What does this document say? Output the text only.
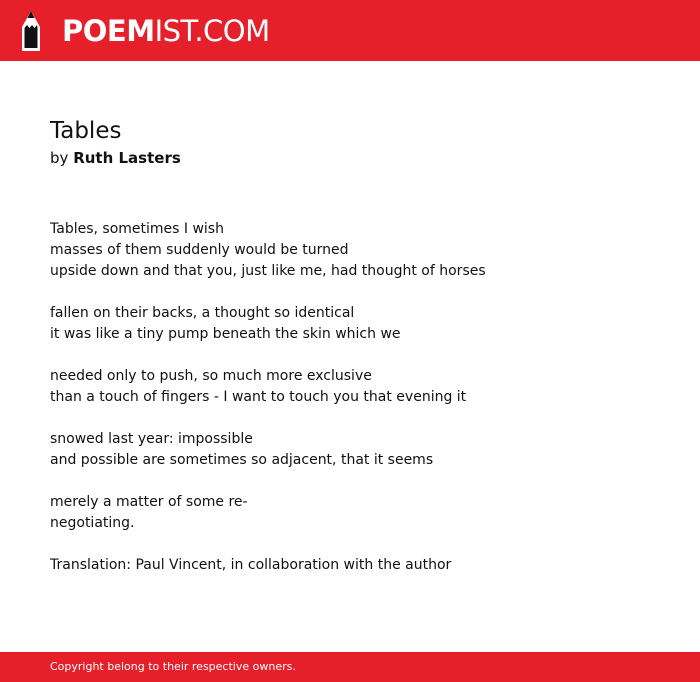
POEMIST.COM
Tables
by Ruth Lasters

Tables, sometimes I wish
masses of them suddenly would be turned
upside down and that you, just like me, had thought of horses

fallen on their backs, a thought so identical
it was like a tiny pump beneath the skin which we

needed only to push, so much more exclusive
than a touch of fingers - I want to touch you that evening it

snowed last year: impossible
and possible are sometimes so adjacent, that it seems

merely a matter of some re-
negotiating.

Translation: Paul Vincent, in collaboration with the author
Copyright belong to their respective owners.
